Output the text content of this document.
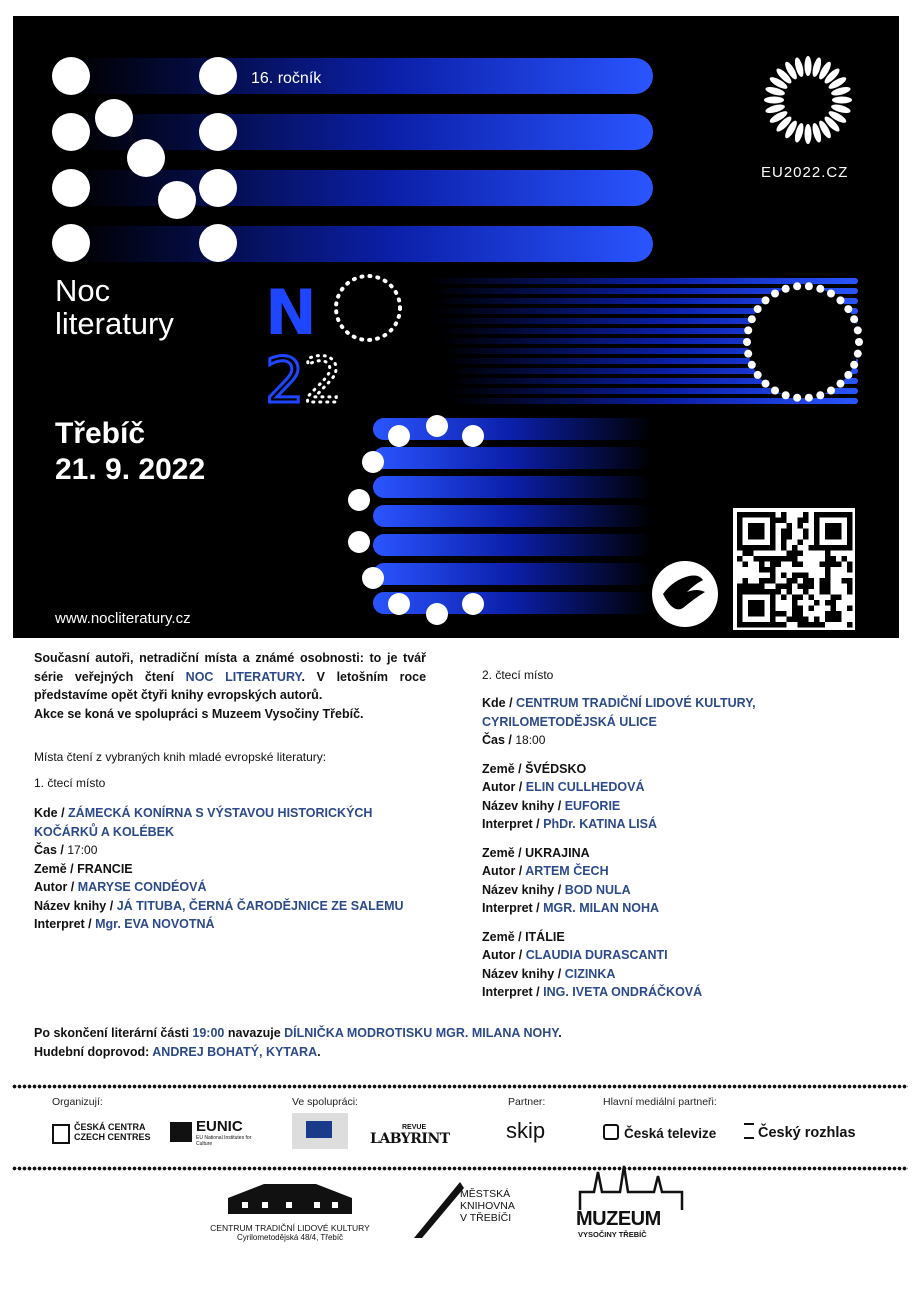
N
2
2
16. ročník
EU2022.CZ
Noc
literatury
Třebíč
21. 9. 2022
www.nocliteratury.cz
Současní autoři, netradiční místa a známé osobnosti: to je tvář série veřejných čtení NOC LITERATURY. V letošním roce představíme opět čtyři knihy evropských autorů.
Akce se koná ve spolupráci s Muzeem Vysočiny Třebíč.
Místa čtení z vybraných knih mladé evropské literatury:
1. čtecí místo
Kde / ZÁMECKÁ KONÍRNA S VÝSTAVOU HISTORICKÝCH KOČÁRKŮ A KOLÉBEK
Čas / 17:00
Země / FRANCIE
Autor / MARYSE CONDÉOVÁ
Název knihy / JÁ TITUBA, ČERNÁ ČARODĚJNICE ZE SALEMU
Interpret / Mgr. EVA NOVOTNÁ
2. čtecí místo
Kde / CENTRUM TRADIČNÍ LIDOVÉ KULTURY, CYRILOMETODĚJSKÁ ULICE
Čas / 18:00
Země / ŠVÉDSKO
Autor / ELIN CULLHEDOVÁ
Název knihy / EUFORIE
Interpret / PhDr. KATINA LISÁ
Země / UKRAJINA
Autor / ARTEM ČECH
Název knihy / BOD NULA
Interpret / MGR. MILAN NOHA
Země / ITÁLIE
Autor / CLAUDIA DURASCANTI
Název knihy / CIZINKA
Interpret / ING. IVETA ONDRÁČKOVÁ
Po skončení literární části 19:00 navazuje DÍLNIČKA MODROTISKU MGR. MILANA NOHY.
Hudební doprovod: ANDREJ BOHATÝ, KYTARA.
Organizují:	Ve spolupráci:	Partner:	Hlavní mediální partneři:
ČESKÁ CENTRA
CZECH CENTRES
EUNIC
EU National Institutes for Culture
REVUE
LABYRINT	skip	Česká televize	Český rozhlas
CENTRUM TRADIČNÍ LIDOVÉ KULTURY
Cyrilometodějská 48/4, Třebíč
MĚSTSKÁ
KNIHOVNA
V TŘEBÍČI	MUZEUM
VYSOČINY TŘEBÍČ
